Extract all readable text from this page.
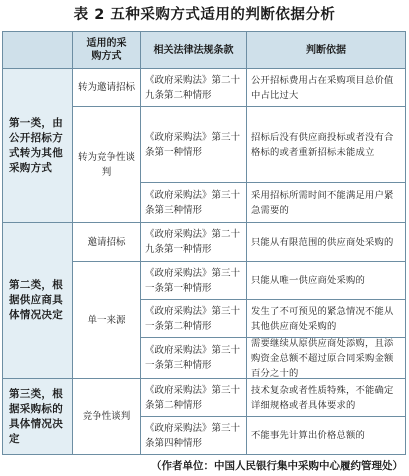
表 2 五种采购方式适用的判断依据分析
适用的采购方式
相关法律法规条款	判断依据
第一类，由公开招标方式转为其他采购方式
第二类，根据供应商具体情况决定
第三类，根据采购标的具体情况决定
转为邀请招标
转为竞争性谈判
邀请招标
单一来源
竞争性谈判
《政府采购法》第二十九条第二种情形
《政府采购法》第三十条第一种情形
《政府采购法》第三十条第三种情形
《政府采购法》第二十九条第一种情形
《政府采购法》第三十一条第一种情形
《政府采购法》第三十一条第二种情形
《政府采购法》第三十一条第三种情形
《政府采购法》第三十条第二种情形
《政府采购法》第三十条第四种情形
公开招标费用占在采购项目总价值中占比过大
招标后没有供应商投标或者没有合格标的或者重新招标未能成立
采用招标所需时间不能满足用户紧急需要的
只能从有限范围的供应商处采购的
只能从唯一供应商处采购的
发生了不可预见的紧急情况不能从其他供应商处采购的
需要继续从原供应商处添购，且添购资金总额不超过原合同采购金额百分之十的
技术复杂或者性质特殊，不能确定详细规格或者具体要求的
不能事先计算出价格总额的
（作者单位：中国人民银行集中采购中心履约管理处）
